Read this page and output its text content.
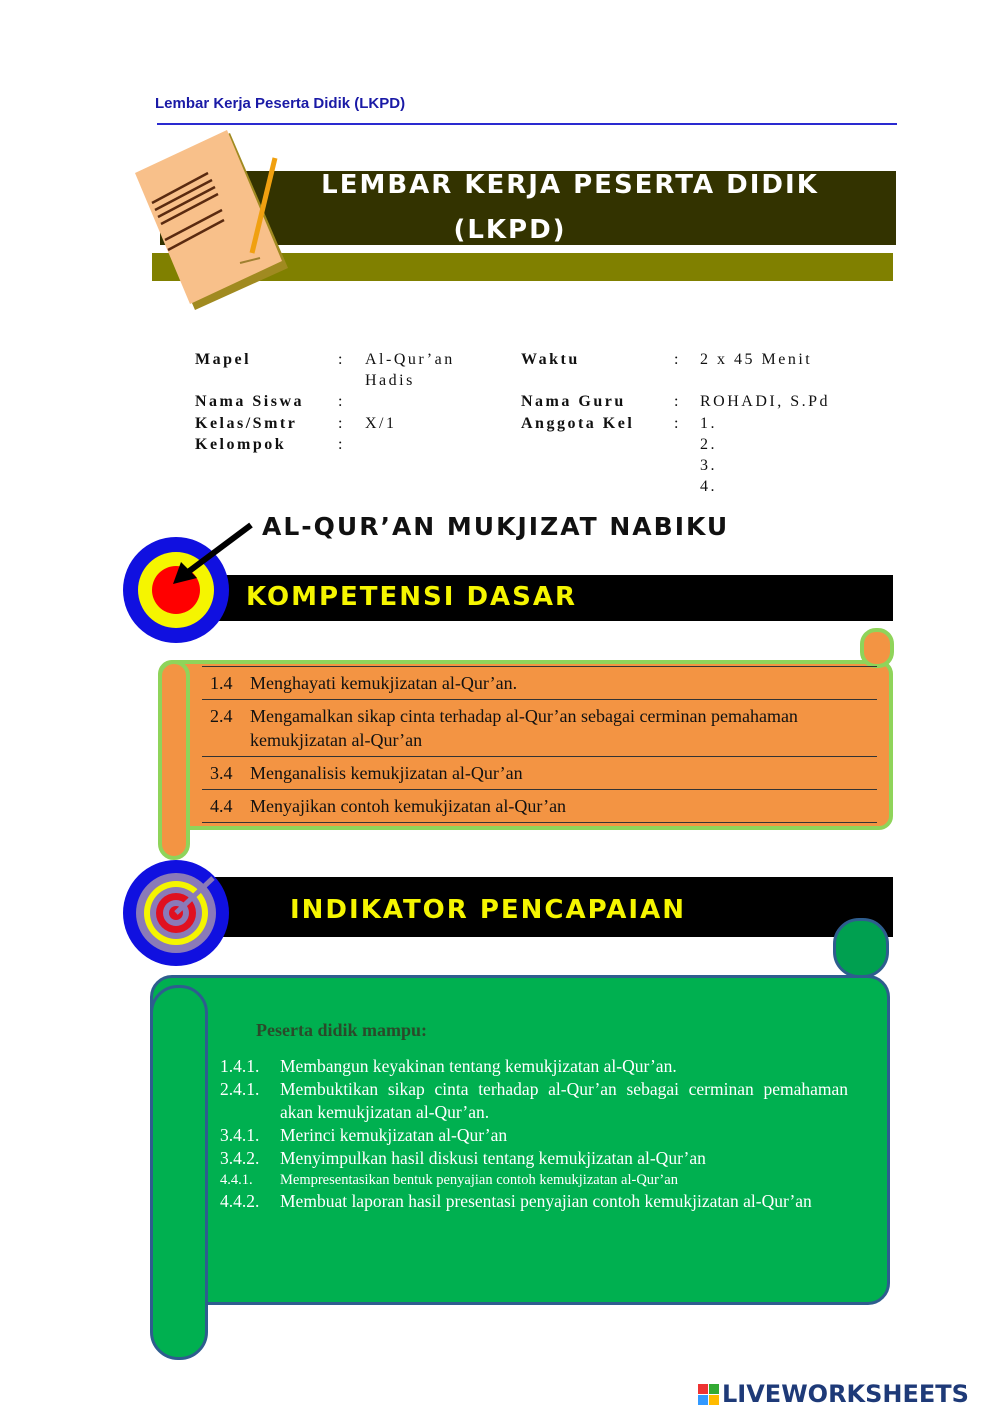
Lembar Kerja Peserta Didik (LKPD)
LEMBAR KERJA PESERTA DIDIK
(LKPD)
Mapel	: Al-Qur’an
Hadis
Nama Siswa :
Kelas/Smtr	: X/1
Kelompok	:
Waktu	: 2 x 45 Menit
Nama Guru	: ROHADI, S.Pd
Anggota Kel : 1.
2.
3.
4.
AL-QUR’AN MUKJIZAT NABIKU
KOMPETENSI DASAR
1.4 Menghayati kemukjizatan al-Qur’an.
2.4 Mengamalkan sikap cinta terhadap al-Qur’an sebagai cerminan pemahaman kemukjizatan al-Qur’an
3.4 Menganalisis kemukjizatan al-Qur’an
4.4 Menyajikan contoh kemukjizatan al-Qur’an
INDIKATOR PENCAPAIAN
Peserta didik mampu:
1.4.1.	Membangun keyakinan tentang kemukjizatan al-Qur’an.
2.4.1.	Membuktikan sikap cinta terhadap al-Qur’an sebagai cerminan pemahaman akan kemukjizatan al-Qur’an.
3.4.1.	Merinci kemukjizatan al-Qur’an
3.4.2.	Menyimpulkan hasil diskusi tentang kemukjizatan al-Qur’an
4.4.1.	Mempresentasikan bentuk penyajian contoh kemukjizatan al-Qur’an
4.4.2.	Membuat laporan hasil presentasi penyajian contoh kemukjizatan al-Qur’an
LIVEWORKSHEETS
